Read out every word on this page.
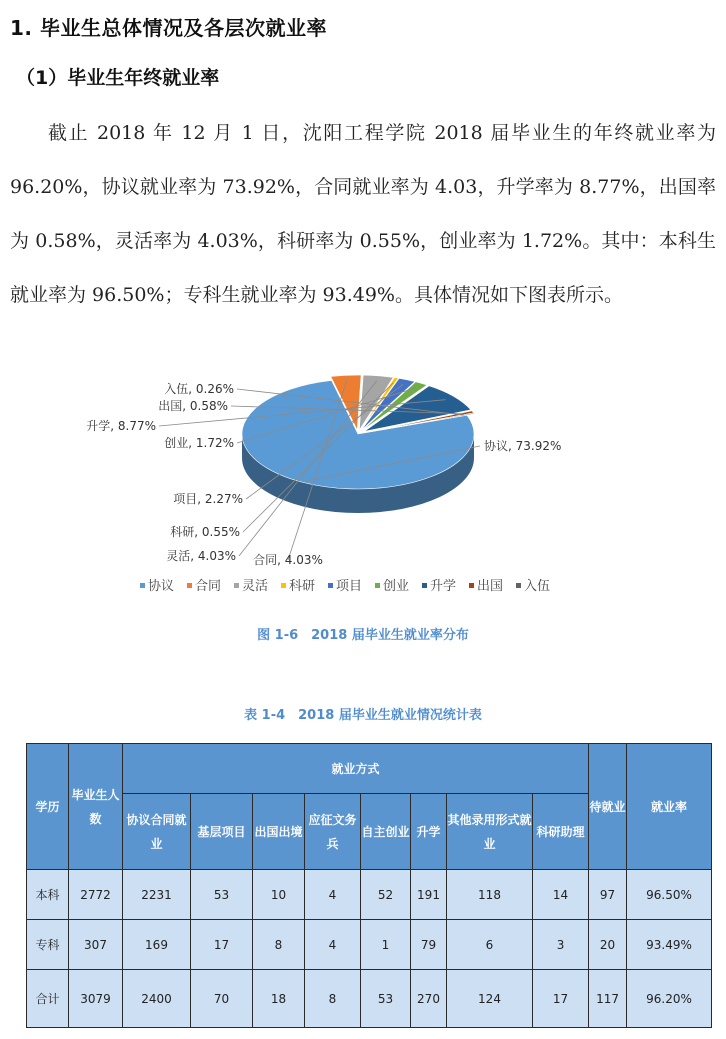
1. 毕业生总体情况及各层次就业率
（1）毕业生年终就业率

截止 2018 年 12 月 1 日，沈阳工程学院 2018 届毕业生的年终就业率为 96.20%，协议就业率为 73.92%，合同就业率为 4.03，升学率为 8.77%，出国率为 0.58%，灵活率为 4.03%，科研率为 0.55%，创业率为 1.72%。其中：本科生就业率为 96.50%；专科生就业率为 93.49%。具体情况如下图表所示。

协议, 73.92%
合同, 4.03%
灵活, 4.03%
科研, 0.55%
项目, 2.27%
创业, 1.72%
升学, 8.77%
出国, 0.58%
入伍, 0.26%
协议 合同 灵活 科研 项目 创业 升学 出国 入伍
图 1-6　2018 届毕业生就业率分布
表 1-4　2018 届毕业生就业情况统计表
学历	毕业生人数	就业方式								待就业	就业率
		协议合同就业	基层项目	出国出境	应征文务兵	自主创业	升学	其他录用形式就业	科研助理		
本科	2772	2231	53	10	4	52	191	118	14	97	96.50%
专科	307	169	17	8	4	1	79	6	3	20	93.49%
合计	3079	2400	70	18	8	53	270	124	17	117	96.20%
